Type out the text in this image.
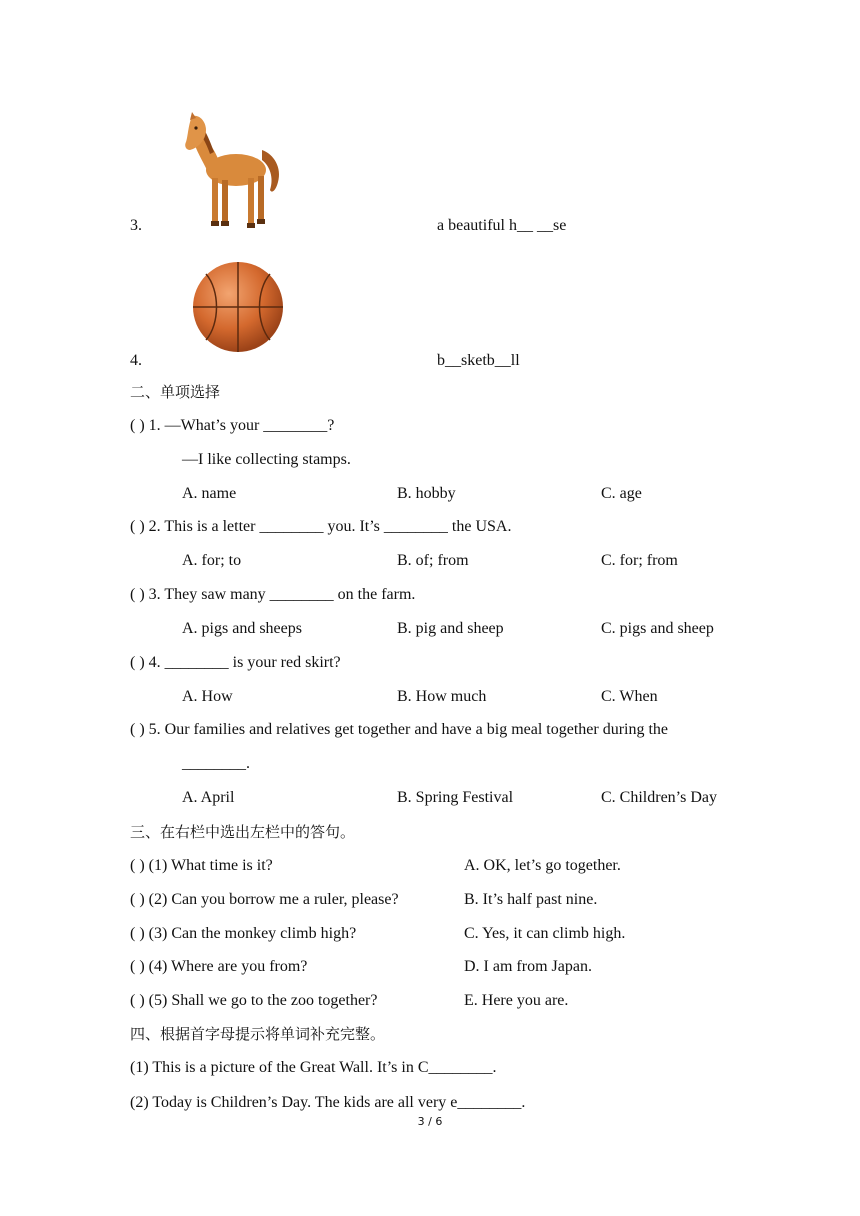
3.	a beautiful h__ __se
4.	b__sketb__ll
二、单项选择
( ) 1. —What’s your ________?
—I like collecting stamps.
A. name	B. hobby	C. age
( ) 2. This is a letter ________ you. It’s ________ the USA.
A. for; to	B. of; from	C. for; from
( ) 3. They saw many ________ on the farm.
A. pigs and sheeps	B. pig and sheep	C. pigs and sheep
( ) 4. ________ is your red skirt?
A. How	B. How much	C. When
( ) 5. Our families and relatives get together and have a big meal together during the
________.
A. April	B. Spring Festival	C. Children’s Day
三、在右栏中选出左栏中的答句。
( ) (1) What time is it?	A. OK, let’s go together.
( ) (2) Can you borrow me a ruler, please?	B. It’s half past nine.
( ) (3) Can the monkey climb high?	C. Yes, it can climb high.
( ) (4) Where are you from?	D. I am from Japan.
( ) (5) Shall we go to the zoo together?	E. Here you are.
四、根据首字母提示将单词补充完整。
(1) This is a picture of the Great Wall. It’s in C________.
(2) Today is Children’s Day. The kids are all very e________.
3 / 6
